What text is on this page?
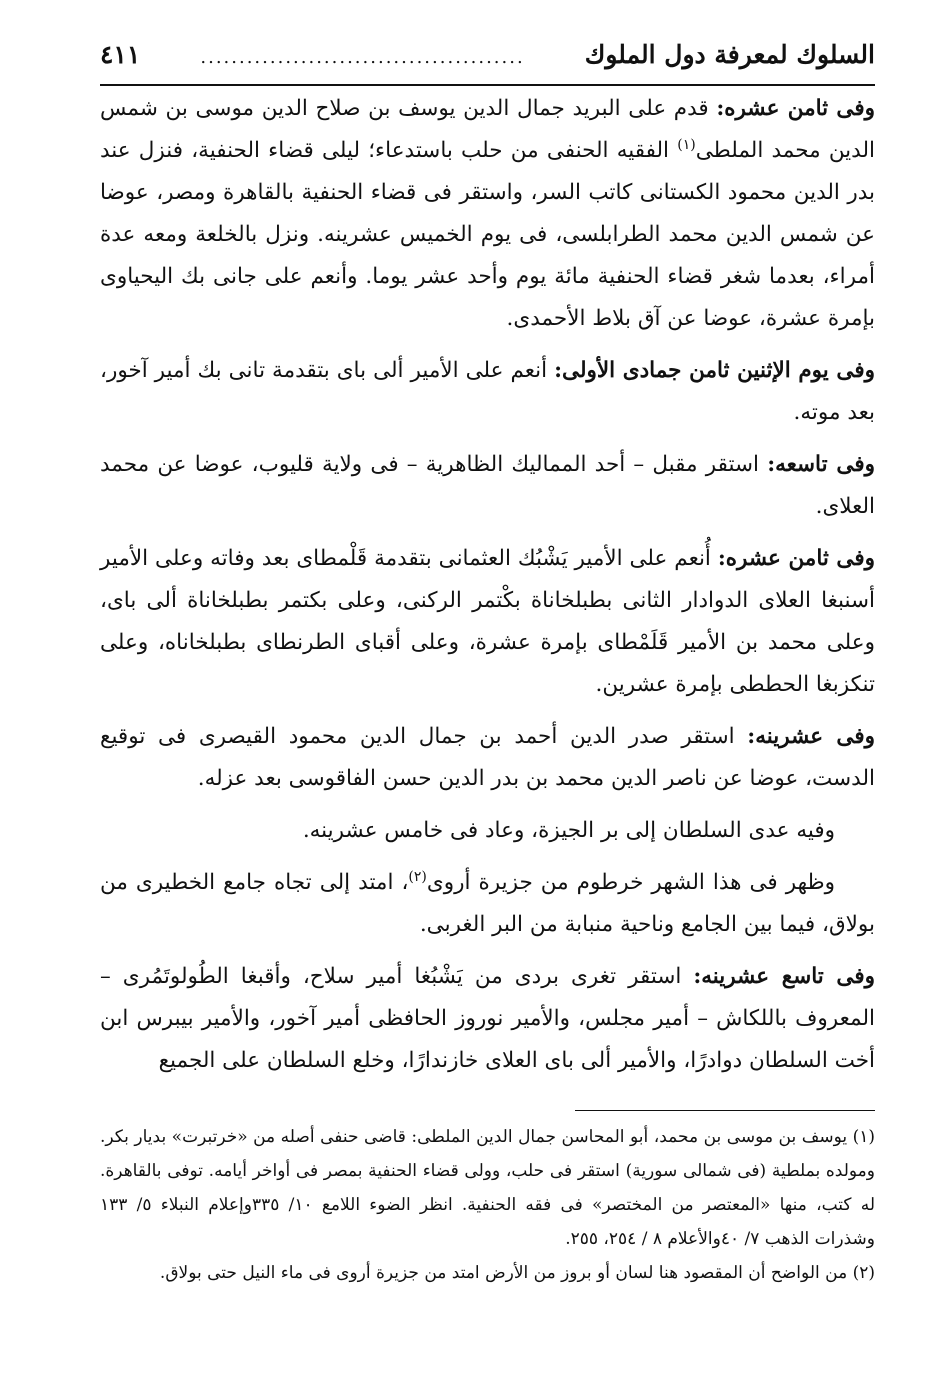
السلوك لمعرفة دول الملوك
..........................................
٤١١

وفى ثامن عشره: قدم على البريد جمال الدين يوسف بن صلاح الدين موسى بن شمس الدين محمد الملطى$^{(١)}$ الفقيه الحنفى من حلب باستدعاء؛ ليلى قضاء الحنفية، فنزل عند بدر الدين محمود الكستانى كاتب السر، واستقر فى قضاء الحنفية بالقاهرة ومصر، عوضا عن شمس الدين محمد الطرابلسى، فى يوم الخميس عشرينه. ونزل بالخلعة ومعه عدة أمراء، بعدما شغر قضاء الحنفية مائة يوم وأحد عشر يوما. وأنعم على جانى بك اليحياوى بإمرة عشرة، عوضا عن آق بلاط الأحمدى.

وفى يوم الإثنين ثامن جمادى الأولى: أنعم على الأمير ألى باى بتقدمة تانى بك أمير آخور، بعد موته.

وفى تاسعه: استقر مقبل – أحد المماليك الظاهرية – فى ولاية قليوب، عوضا عن محمد العلاى.

وفى ثامن عشره: أُنعم على الأمير يَشْبُك العثمانى بتقدمة قَلْمطاى بعد وفاته وعلى الأمير أسنبغا العلاى الدوادار الثانى بطبلخاناة بكْتمر الركنى، وعلى بكتمر بطبلخاناة ألى باى، وعلى محمد بن الأمير قَلَمْطاى بإمرة عشرة، وعلى أقباى الطرنطاى بطبلخاناه، وعلى تنكزبغا الحططى بإمرة عشرين.

وفى عشرينه: استقر صدر الدين أحمد بن جمال الدين محمود القيصرى فى توقيع الدست، عوضا عن ناصر الدين محمد بن بدر الدين حسن الفاقوسى بعد عزله.

وفيه عدى السلطان إلى بر الجيزة، وعاد فى خامس عشرينه.

وظهر فى هذا الشهر خرطوم من جزيرة أروى$^{(٢)}$، امتد إلى تجاه جامع الخطيرى من بولاق، فيما بين الجامع وناحية منبابة من البر الغربى.

وفى تاسع عشرينه: استقر تغرى بردى من يَشْبُغا أمير سلاح، وأقبغا الطُولوتَمُرى – المعروف باللكاش – أمير مجلس، والأمير نوروز الحافظى أمير آخور، والأمير بيبرس ابن أخت السلطان دوادرًا، والأمير ألى باى العلاى خازندارًا، وخلع السلطان على الجميع

(١) يوسف بن موسى بن محمد، أبو المحاسن جمال الدين الملطى: قاضى حنفى أصله من «خرتبرت» بديار بكر. ومولده بملطية (فى شمالى سورية) استقر فى حلب، وولى قضاء الحنفية بمصر فى أواخر أيامه. توفى بالقاهرة. له كتب، منها «المعتصر من المختصر» فى فقه الحنفية. انظر الضوء اللامع ١٠/ ٣٣٥وإعلام النبلاء ٥/ ١٣٣ وشذرات الذهب ٧/ ٤٠والأعلام ٨ / ٢٥٤، ٢٥٥.

(٢) من الواضح أن المقصود هنا لسان أو بروز من الأرض امتد من جزيرة أروى فى ماء النيل حتى بولاق.
